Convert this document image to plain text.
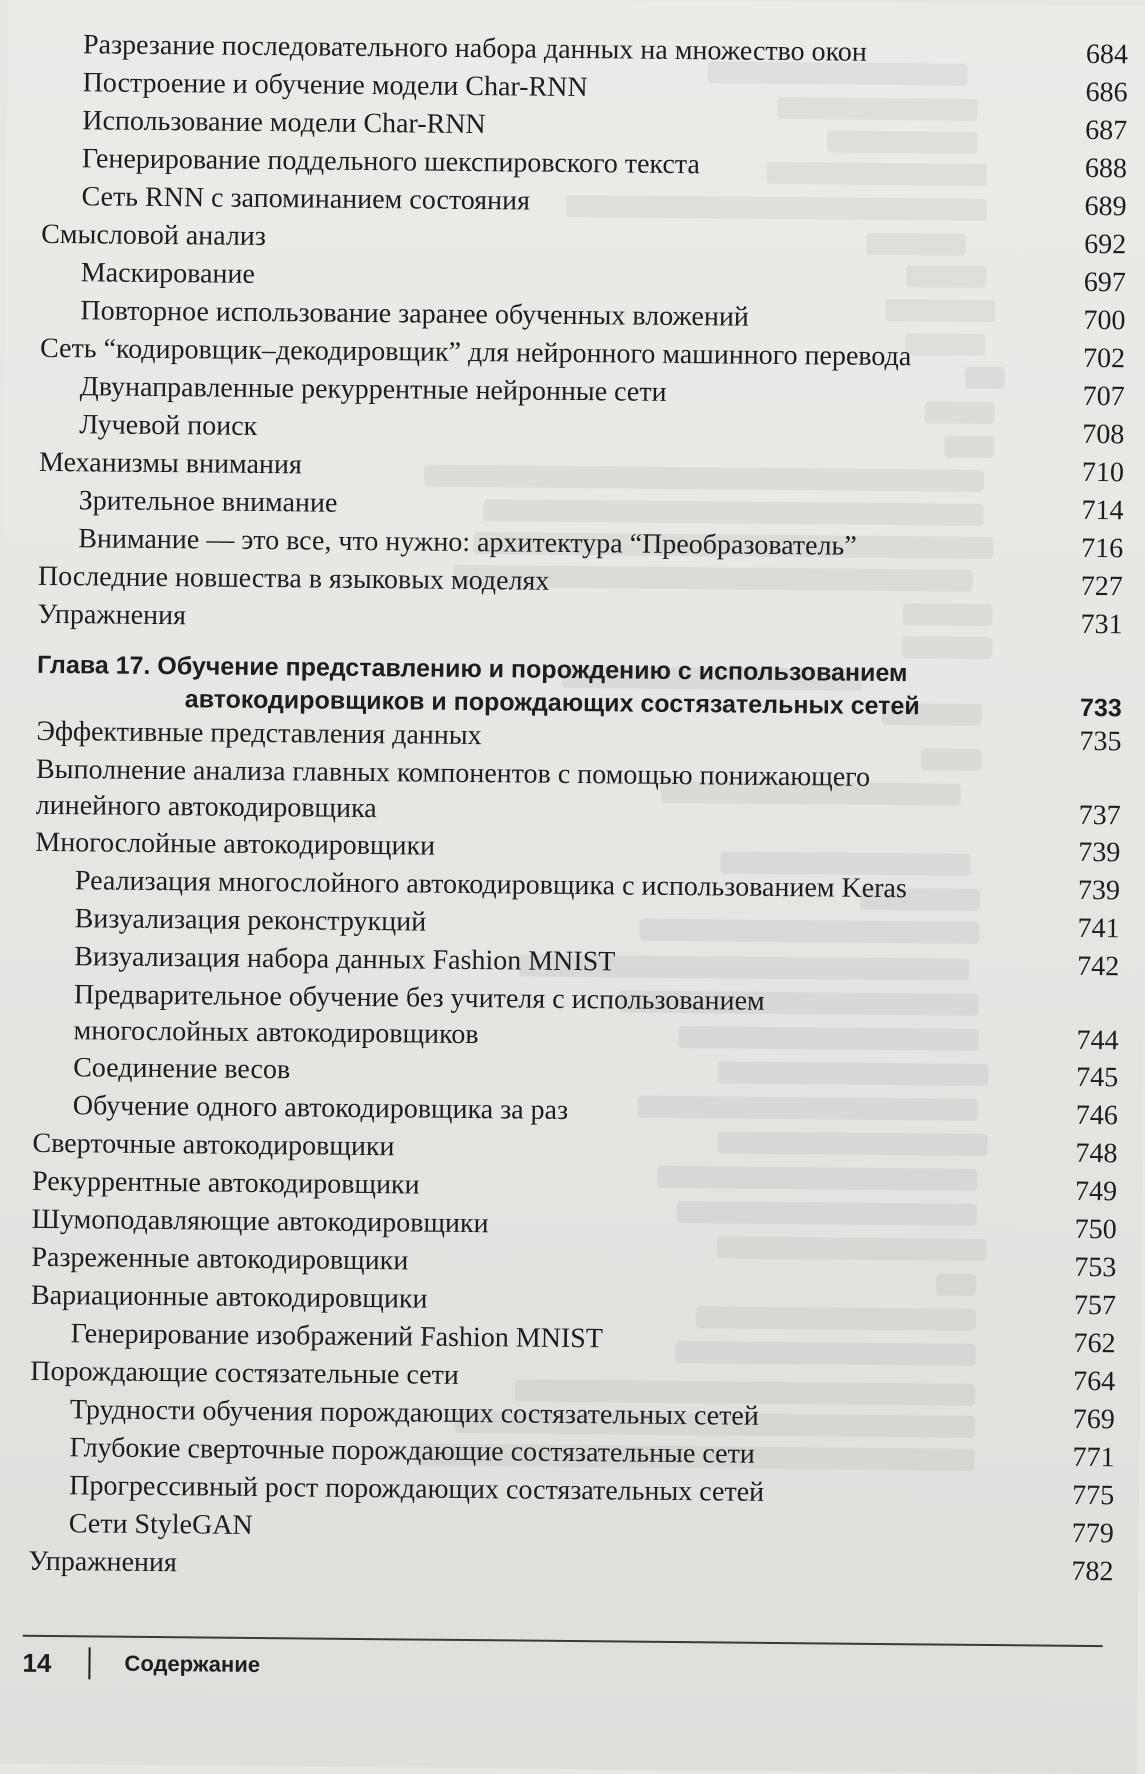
Разрезание последовательного набора данных на множество окон	684
Построение и обучение модели Char-RNN	686
Использование модели Char-RNN	687
Генерирование поддельного шекспировского текста	688
Сеть RNN с запоминанием состояния	689
Смысловой анализ	692
Маскирование	697
Повторное использование заранее обученных вложений	700
Сеть “кодировщик–декодировщик” для нейронного машинного перевода	702
Двунаправленные рекуррентные нейронные сети	707
Лучевой поиск	708
Механизмы внимания	710
Зрительное внимание	714
Внимание — это все, что нужно: архитектура “Преобразователь”	716
Последние новшества в языковых моделях	727
Упражнения	731
Глава 17. Обучение представлению и порождению с использованием
автокодировщиков и порождающих состязательных сетей	733
Эффективные представления данных	735
Выполнение анализа главных компонентов с помощью понижающего
линейного автокодировщика	737
Многослойные автокодировщики	739
Реализация многослойного автокодировщика с использованием Keras	739
Визуализация реконструкций	741
Визуализация набора данных Fashion MNIST	742
Предварительное обучение без учителя с использованием
многослойных автокодировщиков	744
Соединение весов	745
Обучение одного автокодировщика за раз	746
Сверточные автокодировщики	748
Рекуррентные автокодировщики	749
Шумоподавляющие автокодировщики	750
Разреженные автокодировщики	753
Вариационные автокодировщики	757
Генерирование изображений Fashion MNIST	762
Порождающие состязательные сети	764
Трудности обучения порождающих состязательных сетей	769
Глубокие сверточные порождающие состязательные сети	771
Прогрессивный рост порождающих состязательных сетей	775
Сети StyleGAN	779
Упражнения	782
14	Содержание
